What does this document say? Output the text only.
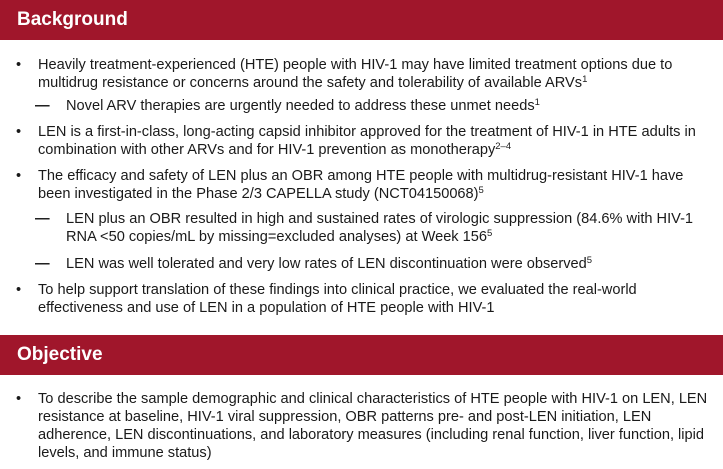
Background
• Heavily treatment-experienced (HTE) people with HIV-1 may have limited treatment options due to multidrug resistance or concerns around the safety and tolerability of available ARVs$^1$
— Novel ARV therapies are urgently needed to address these unmet needs$^1$
• LEN is a first-in-class, long-acting capsid inhibitor approved for the treatment of HIV-1 in HTE adults in combination with other ARVs and for HIV-1 prevention as monotherapy$^{2-4}$
• The efficacy and safety of LEN plus an OBR among HTE people with multidrug-resistant HIV-1 have been investigated in the Phase 2/3 CAPELLA study $(NCT04150068)^5$
— LEN plus an OBR resulted in high and sustained rates of virologic suppression (84.6% with HIV-1 RNA <50 copies/mL by missing=excluded analyses) at Week $156^5$
— LEN was well tolerated and very low rates of LEN discontinuation were observed$^5$
• To help support translation of these findings into clinical practice, we evaluated the real-world effectiveness and use of LEN in a population of HTE people with HIV-1
Objective
• To describe the sample demographic and clinical characteristics of HTE people with HIV-1 on LEN, LEN resistance at baseline, HIV-1 viral suppression, OBR patterns pre- and post-LEN initiation, LEN adherence, LEN discontinuations, and laboratory measures (including renal function, liver function, lipid levels, and immune status)
